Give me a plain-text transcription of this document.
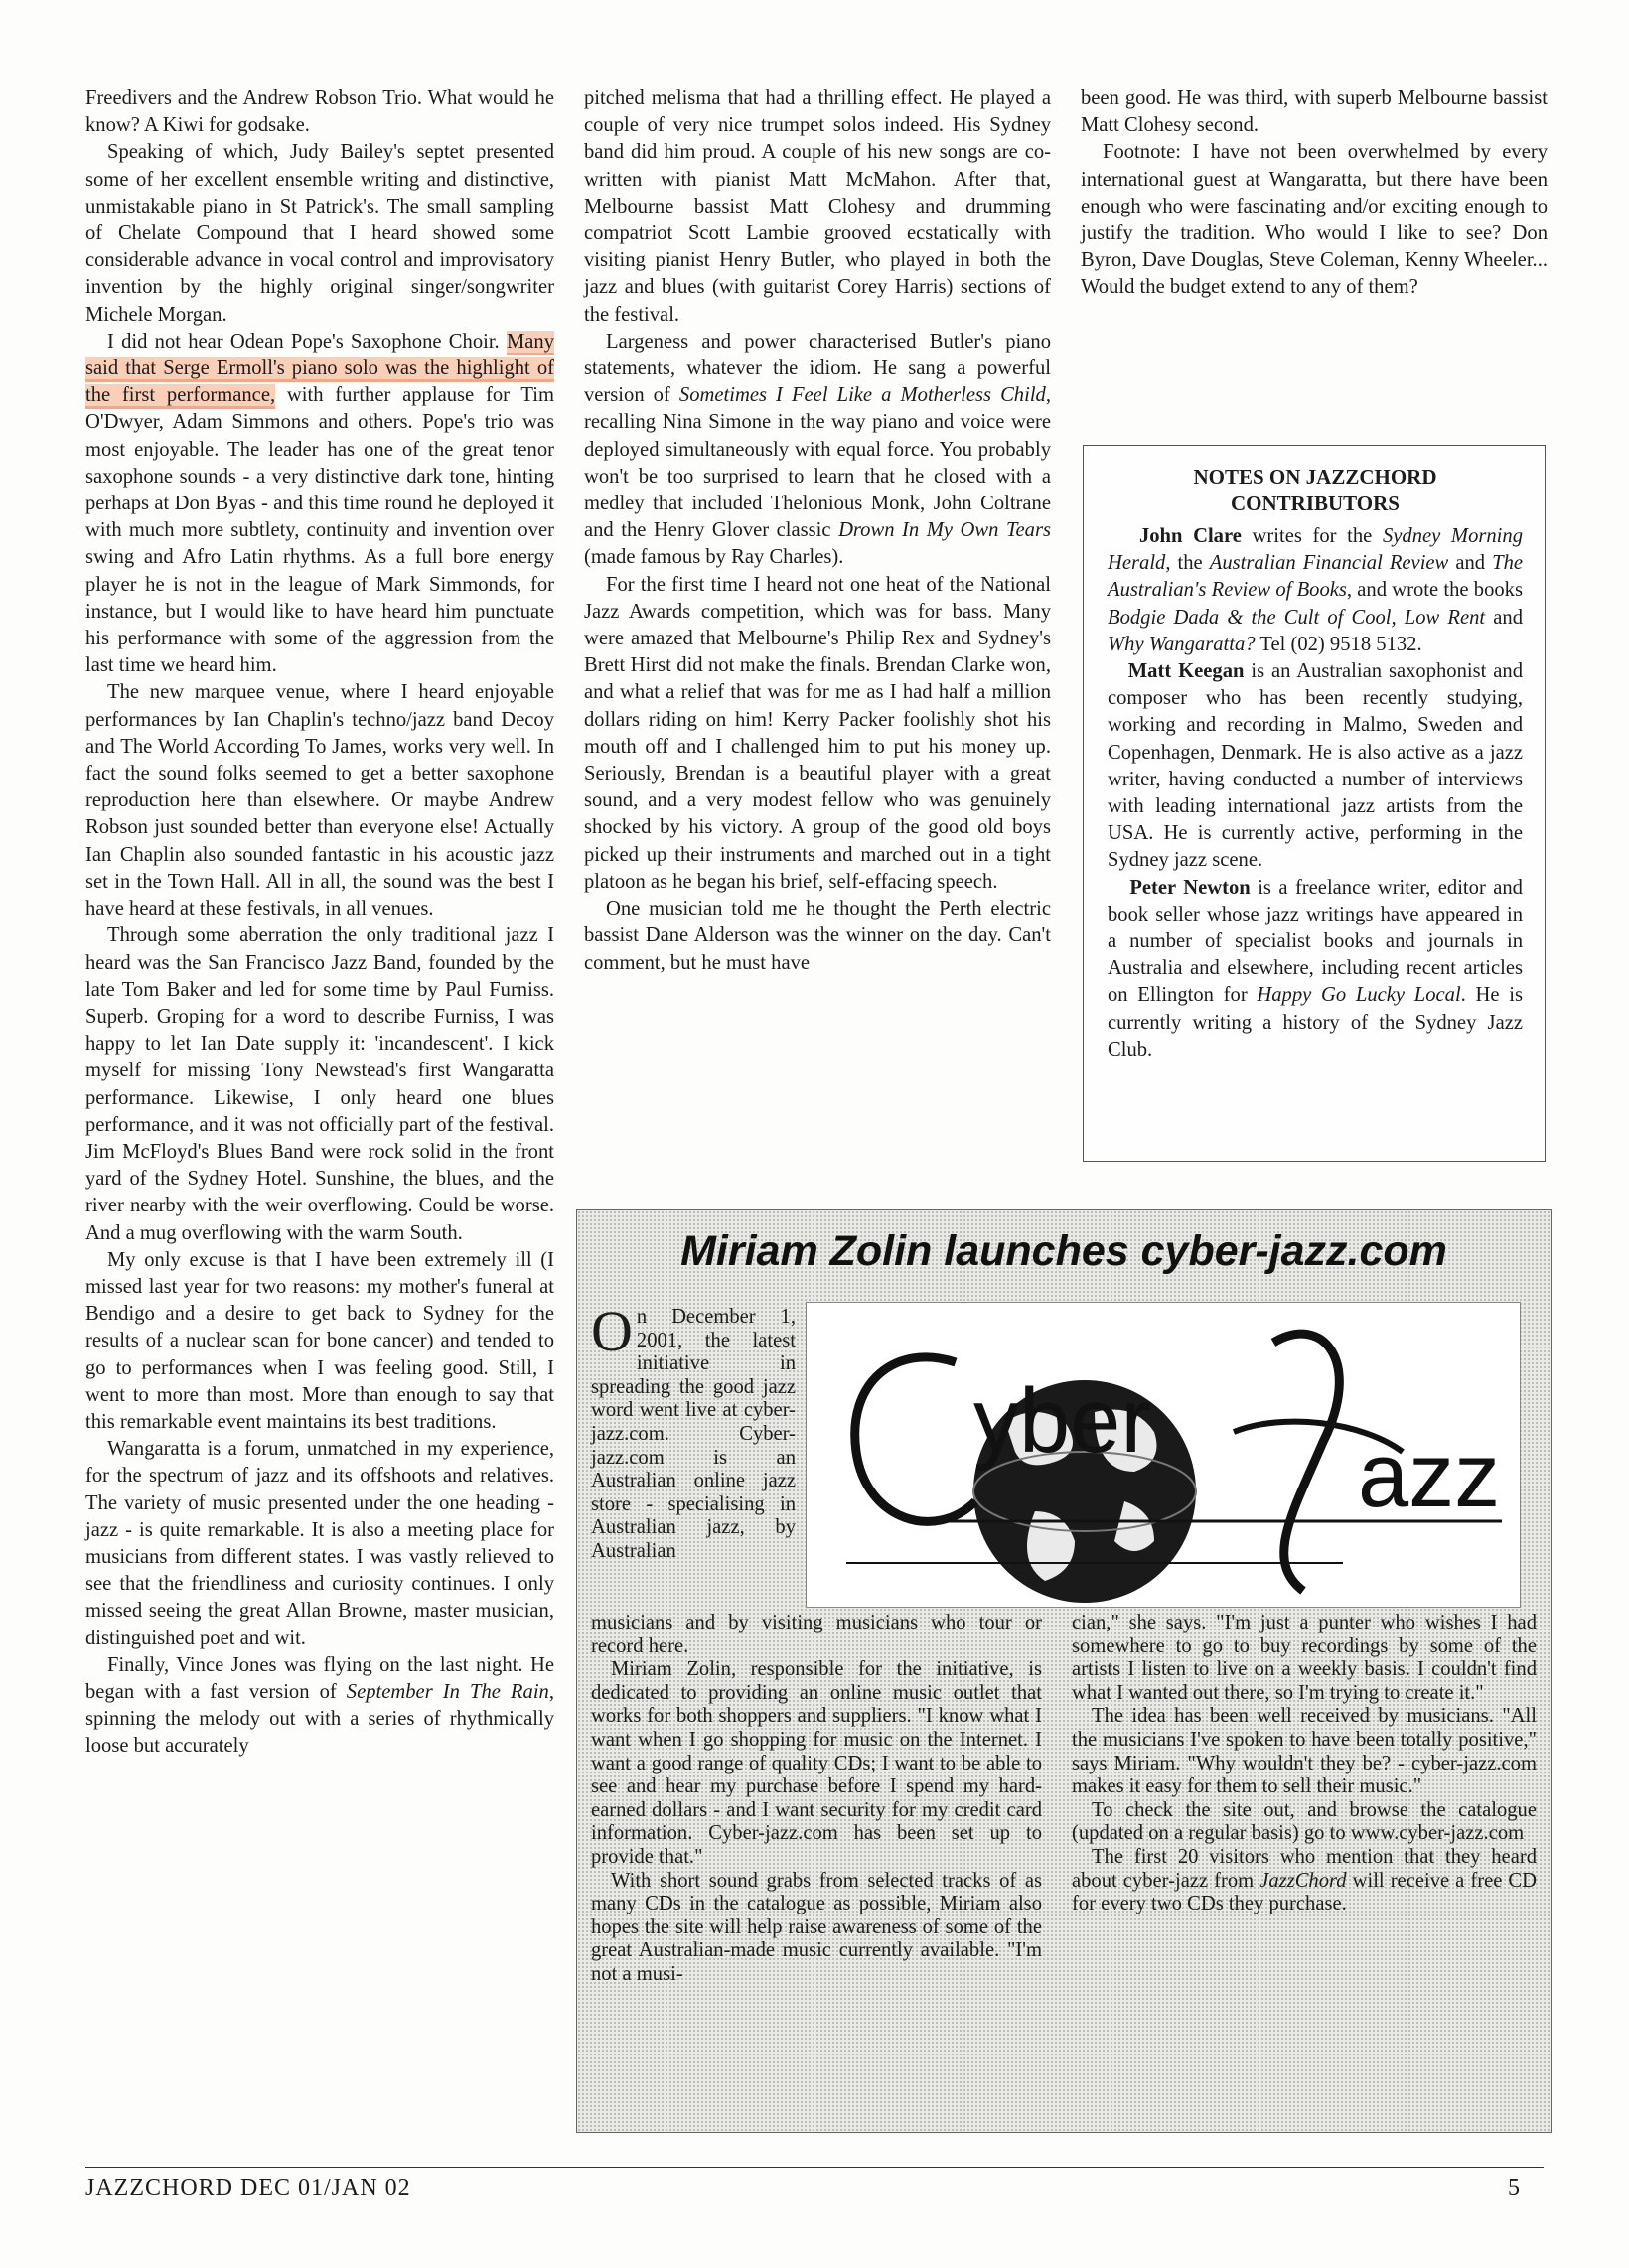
Freedivers and the Andrew Robson Trio. What would he know? A Kiwi for godsake.

Speaking of which, Judy Bailey's septet presented some of her excellent ensemble writing and distinctive, unmistakable piano in St Patrick's. The small sampling of Chelate Compound that I heard showed some considerable advance in vocal control and improvisatory invention by the highly original singer/songwriter Michele Morgan.

I did not hear Odean Pope's Saxophone Choir. Many said that Serge Ermoll's piano solo was the highlight of the first performance, with further applause for Tim O'Dwyer, Adam Simmons and others. Pope's trio was most enjoyable. The leader has one of the great tenor saxophone sounds - a very distinctive dark tone, hinting perhaps at Don Byas - and this time round he deployed it with much more subtlety, continuity and invention over swing and Afro Latin rhythms. As a full bore energy player he is not in the league of Mark Simmonds, for instance, but I would like to have heard him punctuate his performance with some of the aggression from the last time we heard him.

The new marquee venue, where I heard enjoyable performances by Ian Chaplin's techno/jazz band Decoy and The World According To James, works very well. In fact the sound folks seemed to get a better saxophone reproduction here than elsewhere. Or maybe Andrew Robson just sounded better than everyone else! Actually Ian Chaplin also sounded fantastic in his acoustic jazz set in the Town Hall. All in all, the sound was the best I have heard at these festivals, in all venues.

Through some aberration the only traditional jazz I heard was the San Francisco Jazz Band, founded by the late Tom Baker and led for some time by Paul Furniss. Superb. Groping for a word to describe Furniss, I was happy to let Ian Date supply it: 'incandescent'. I kick myself for missing Tony Newstead's first Wangaratta performance. Likewise, I only heard one blues performance, and it was not officially part of the festival. Jim McFloyd's Blues Band were rock solid in the front yard of the Sydney Hotel. Sunshine, the blues, and the river nearby with the weir overflowing. Could be worse. And a mug overflowing with the warm South.

My only excuse is that I have been extremely ill (I missed last year for two reasons: my mother's funeral at Bendigo and a desire to get back to Sydney for the results of a nuclear scan for bone cancer) and tended to go to performances when I was feeling good. Still, I went to more than most. More than enough to say that this remarkable event maintains its best traditions.

Wangaratta is a forum, unmatched in my experience, for the spectrum of jazz and its offshoots and relatives. The variety of music presented under the one heading - jazz - is quite remarkable. It is also a meeting place for musicians from different states. I was vastly relieved to see that the friendliness and curiosity continues. I only missed seeing the great Allan Browne, master musician, distinguished poet and wit.

Finally, Vince Jones was flying on the last night. He began with a fast version of September In The Rain, spinning the melody out with a series of rhythmically loose but accurately

pitched melisma that had a thrilling effect. He played a couple of very nice trumpet solos indeed. His Sydney band did him proud. A couple of his new songs are co-written with pianist Matt McMahon. After that, Melbourne bassist Matt Clohesy and drumming compatriot Scott Lambie grooved ecstatically with visiting pianist Henry Butler, who played in both the jazz and blues (with guitarist Corey Harris) sections of the festival.

Largeness and power characterised Butler's piano statements, whatever the idiom. He sang a powerful version of Sometimes I Feel Like a Motherless Child, recalling Nina Simone in the way piano and voice were deployed simultaneously with equal force. You probably won't be too surprised to learn that he closed with a medley that included Thelonious Monk, John Coltrane and the Henry Glover classic Drown In My Own Tears (made famous by Ray Charles).

For the first time I heard not one heat of the National Jazz Awards competition, which was for bass. Many were amazed that Melbourne's Philip Rex and Sydney's Brett Hirst did not make the finals. Brendan Clarke won, and what a relief that was for me as I had half a million dollars riding on him! Kerry Packer foolishly shot his mouth off and I challenged him to put his money up. Seriously, Brendan is a beautiful player with a great sound, and a very modest fellow who was genuinely shocked by his victory. A group of the good old boys picked up their instruments and marched out in a tight platoon as he began his brief, self-effacing speech.

One musician told me he thought the Perth electric bassist Dane Alderson was the winner on the day. Can't comment, but he must have

been good. He was third, with superb Melbourne bassist Matt Clohesy second.

Footnote: I have not been overwhelmed by every international guest at Wangaratta, but there have been enough who were fascinating and/or exciting enough to justify the tradition. Who would I like to see? Don Byron, Dave Douglas, Steve Coleman, Kenny Wheeler... Would the budget extend to any of them?

NOTES ON JAZZCHORD CONTRIBUTORS

John Clare writes for the Sydney Morning Herald, the Australian Financial Review and The Australian's Review of Books, and wrote the books Bodgie Dada & the Cult of Cool, Low Rent and Why Wangaratta? Tel (02) 9518 5132.

Matt Keegan is an Australian saxophonist and composer who has been recently studying, working and recording in Malmo, Sweden and Copenhagen, Denmark. He is also active as a jazz writer, having conducted a number of interviews with leading international jazz artists from the USA. He is currently active, performing in the Sydney jazz scene.

Peter Newton is a freelance writer, editor and book seller whose jazz writings have appeared in a number of specialist books and journals in Australia and elsewhere, including recent articles on Ellington for Happy Go Lucky Local. He is currently writing a history of the Sydney Jazz Club.

Miriam Zolin launches cyber-jazz.com
yber
azz
On December 1, 2001, the latest initiative in spreading the good jazz word went live at cyber-jazz.com. Cyber-jazz.com is an Australian online jazz store - specialising in Australian jazz, by Australian

musicians and by visiting musicians who tour or record here.

Miriam Zolin, responsible for the initiative, is dedicated to providing an online music outlet that works for both shoppers and suppliers. "I know what I want when I go shopping for music on the Internet. I want a good range of quality CDs; I want to be able to see and hear my purchase before I spend my hard-earned dollars - and I want security for my credit card information. Cyber-jazz.com has been set up to provide that."

With short sound grabs from selected tracks of as many CDs in the catalogue as possible, Miriam also hopes the site will help raise awareness of some of the great Australian-made music currently available. "I'm not a musi-

cian," she says. "I'm just a punter who wishes I had somewhere to go to buy recordings by some of the artists I listen to live on a weekly basis. I couldn't find what I wanted out there, so I'm trying to create it."

The idea has been well received by musicians. "All the musicians I've spoken to have been totally positive," says Miriam. "Why wouldn't they be? - cyber-jazz.com makes it easy for them to sell their music."

To check the site out, and browse the catalogue (updated on a regular basis) go to www.cyber-jazz.com

The first 20 visitors who mention that they heard about cyber-jazz from JazzChord will receive a free CD for every two CDs they purchase.

JAZZCHORD DEC 01/JAN 02	5
